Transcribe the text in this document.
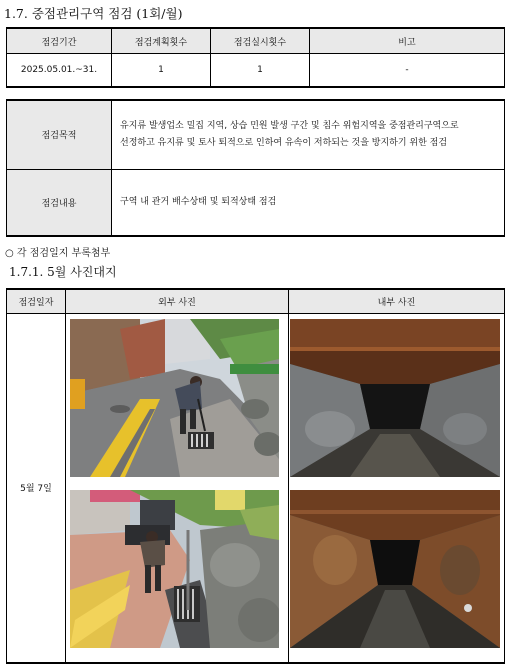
1.7. 중점관리구역 점검 (1회/월)
점검기간	점검계획횟수	점검실시횟수	비고
2025.05.01.~31.	1	1	-
점검목적	유지류 발생업소 밀집 지역, 상습 민원 발생 구간 및 침수 위험지역을 중점관리구역으로
선정하고 유지류 및 토사 퇴적으로 인하여 유속이 저하되는 것을 방지하기 위한 점검

점검내용	구역 내 관거 배수상태 및 퇴적상태 점검
○ 각 점검일지 부록첨부
1.7.1. 5월 사진대지
점검일자	외부 사진	내부 사진
5월 7일		
